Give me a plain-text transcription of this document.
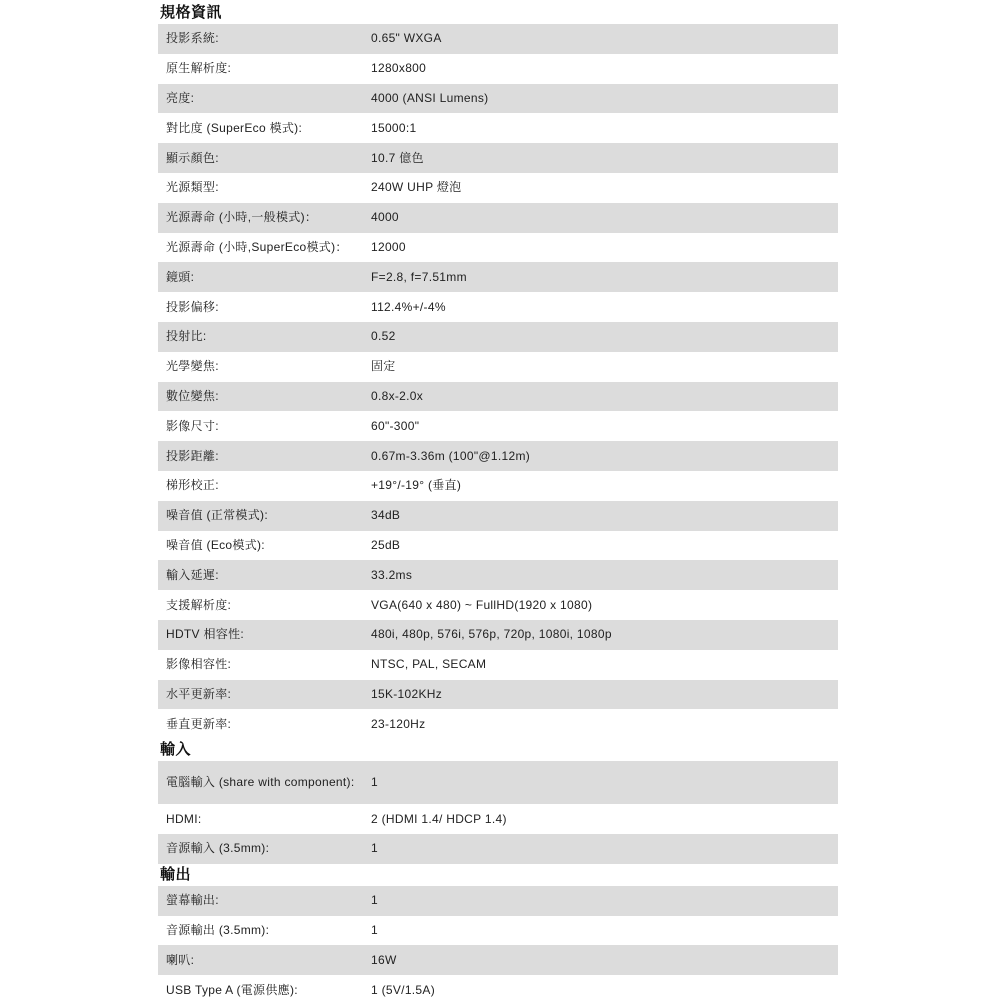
規格資訊
投影系統:	0.65" WXGA
原生解析度:	1280x800
亮度:	4000 (ANSI Lumens)
對比度 (SuperEco 模式):	15000:1
顯示顏色:	10.7 億色
光源類型:	240W UHP 燈泡
光源壽命 (小時,一般模式)：	4000
光源壽命 (小時,SuperEco模式)：	12000
鏡頭:	F=2.8, f=7.51mm
投影偏移:	112.4%+/-4%
投射比:	0.52
光學變焦:	固定
數位變焦:	0.8x-2.0x
影像尺寸:	60"-300"
投影距離:	0.67m-3.36m (100"@1.12m)
梯形校正:	+19°/-19° (垂直)
噪音值 (正常模式):	34dB
噪音值 (Eco模式):	25dB
輸入延遲:	33.2ms
支援解析度:	VGA(640 x 480) ~ FullHD(1920 x 1080)
HDTV 相容性:	480i, 480p, 576i, 576p, 720p, 1080i, 1080p
影像相容性:	NTSC, PAL, SECAM
水平更新率:	15K-102KHz
垂直更新率:	23-120Hz
輸入
電腦輸入 (share with component):	1
HDMI:	2 (HDMI 1.4/ HDCP 1.4)
音源輸入 (3.5mm):	1
輸出
螢幕輸出:	1
音源輸出 (3.5mm):	1
喇叭:	16W
USB Type A (電源供應):	1 (5V/1.5A)
